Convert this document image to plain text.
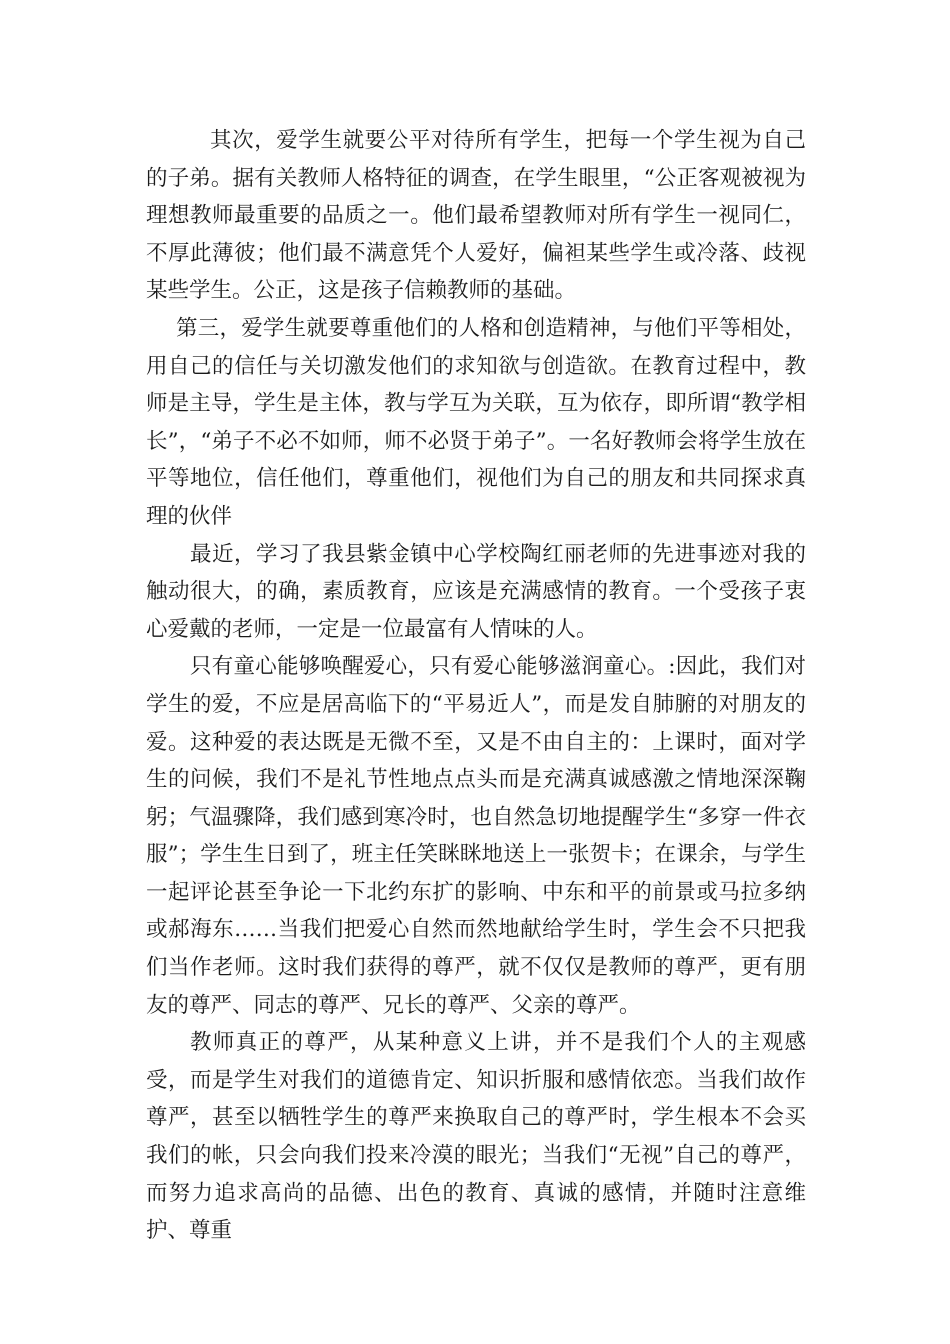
其次，爱学生就要公平对待所有学生，把每一个学生视为自己的子弟。据有关教师人格特征的调查，在学生眼里，“公正客观被视为理想教师最重要的品质之一。他们最希望教师对所有学生一视同仁，不厚此薄彼；他们最不满意凭个人爱好，偏袒某些学生或冷落、歧视某些学生。公正，这是孩子信赖教师的基础。

第三，爱学生就要尊重他们的人格和创造精神，与他们平等相处，用自己的信任与关切激发他们的求知欲与创造欲。在教育过程中，教师是主导，学生是主体，教与学互为关联，互为依存，即所谓“教学相长”，“弟子不必不如师，师不必贤于弟子”。一名好教师会将学生放在平等地位，信任他们，尊重他们，视他们为自己的朋友和共同探求真理的伙伴

最近，学习了我县紫金镇中心学校陶红丽老师的先进事迹对我的触动很大，的确，素质教育，应该是充满感情的教育。一个受孩子衷心爱戴的老师，一定是一位最富有人情味的人。

只有童心能够唤醒爱心，只有爱心能够滋润童心。:因此，我们对学生的爱，不应是居高临下的“平易近人”，而是发自肺腑的对朋友的爱。这种爱的表达既是无微不至，又是不由自主的：上课时，面对学生的问候，我们不是礼节性地点点头而是充满真诚感激之情地深深鞠躬；气温骤降，我们感到寒冷时，也自然急切地提醒学生“多穿一件衣服”；学生生日到了，班主任笑眯眯地送上一张贺卡；在课余，与学生一起评论甚至争论一下北约东扩的影响、中东和平的前景或马拉多纳或郝海东……当我们把爱心自然而然地献给学生时，学生会不只把我们当作老师。这时我们获得的尊严，就不仅仅是教师的尊严，更有朋友的尊严、同志的尊严、兄长的尊严、父亲的尊严。

教师真正的尊严，从某种意义上讲，并不是我们个人的主观感受，而是学生对我们的道德肯定、知识折服和感情依恋。当我们故作尊严，甚至以牺牲学生的尊严来换取自己的尊严时，学生根本不会买我们的帐，只会向我们投来冷漠的眼光；当我们“无视”自己的尊严，而努力追求高尚的品德、出色的教育、真诚的感情，并随时注意维护、尊重
